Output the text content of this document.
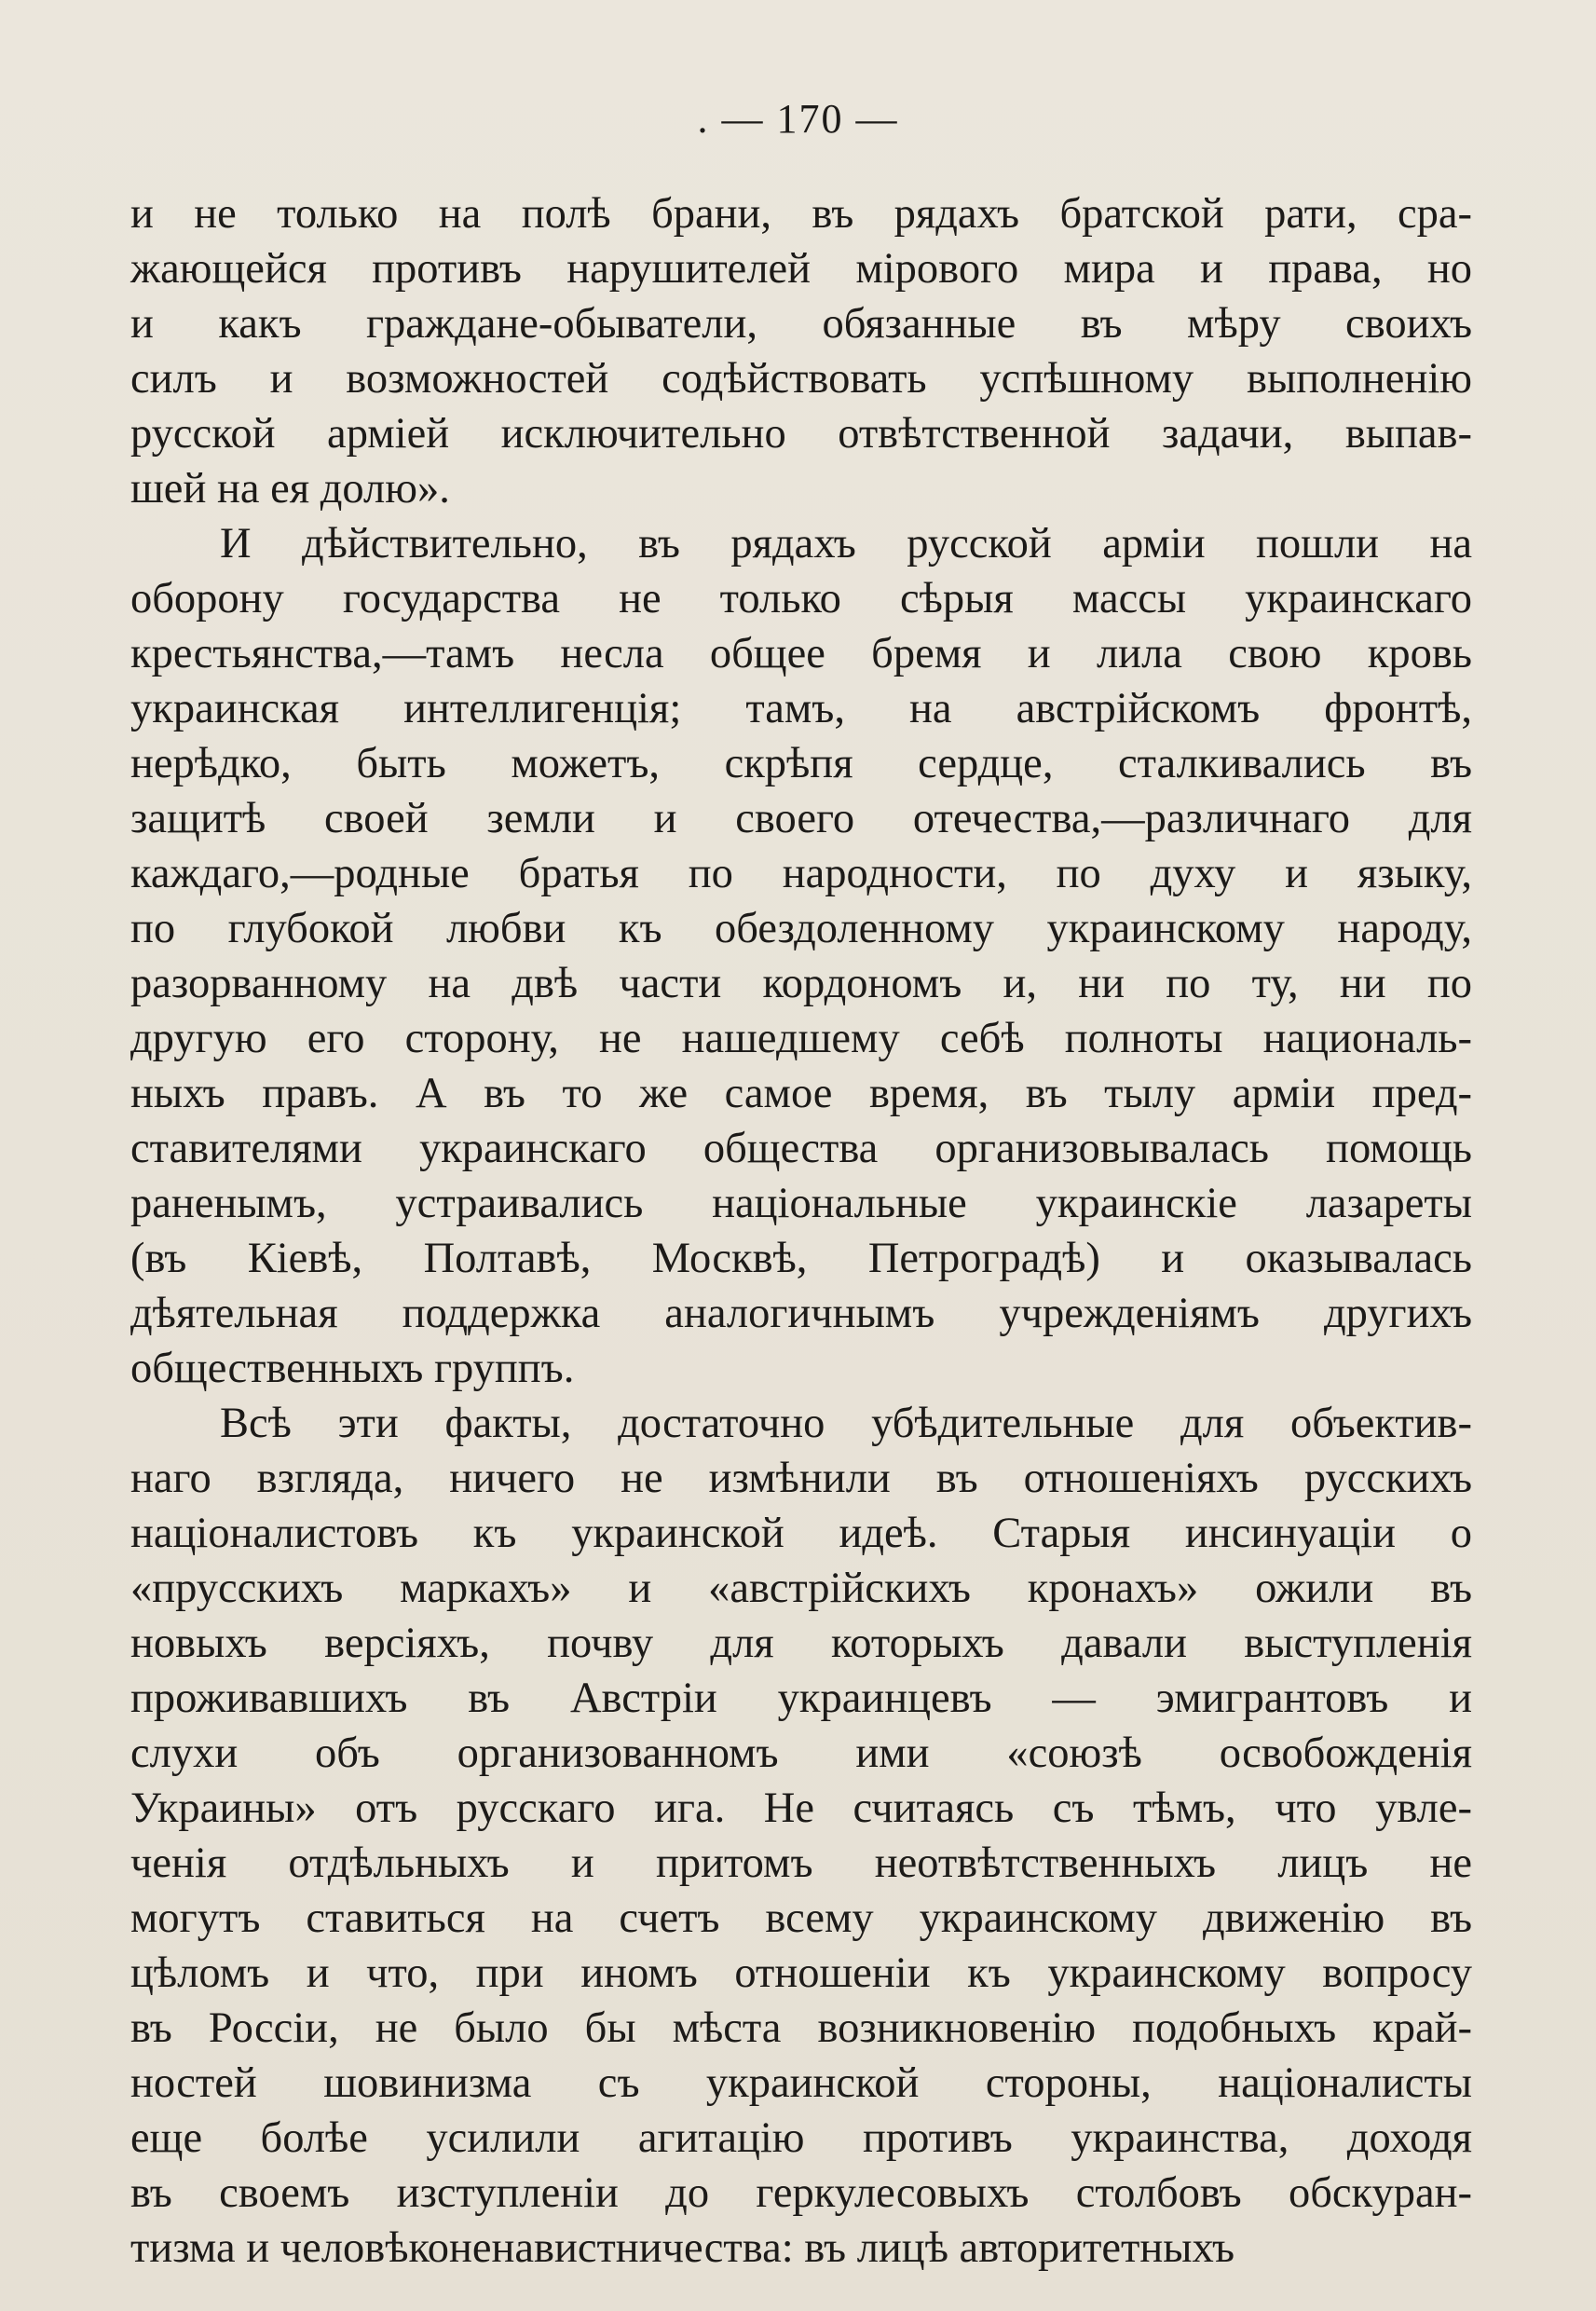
. — 170 —
и не только на полѣ брани, въ рядахъ братской рати, сра-
жающейся противъ нарушителей мiрового мира и права, но
и какъ граждане-обыватели, обязанные въ мѣру своихъ
силъ и возможностей содѣйствовать успѣшному выполненiю
русской армiей исключительно отвѣтственной задачи, выпав-
шей на ея долю».
И дѣйствительно, въ рядахъ русской армiи пошли на
оборону государства не только сѣрыя массы украинскаго
крестьянства,—тамъ несла общее бремя и лила свою кровь
украинская интеллигенцiя; тамъ, на австрiйскомъ фронтѣ,
нерѣдко, быть можетъ, скрѣпя сердце, сталкивались въ
защитѣ своей земли и своего отечества,—различнаго для
каждаго,—родные братья по народности, по духу и языку,
по глубокой любви къ обездоленному украинскому народу,
разорванному на двѣ части кордономъ и, ни по ту, ни по
другую его сторону, не нашедшему себѣ полноты националь-
ныхъ правъ. А въ то же самое время, въ тылу армiи пред-
ставителями украинскаго общества организовывалась помощь
раненымъ, устраивались нацiональные украинскiе лазареты
(въ Кiевѣ, Полтавѣ, Москвѣ, Петроградѣ) и оказывалась
дѣятельная поддержка аналогичнымъ учрежденiямъ другихъ
общественныхъ группъ.
Всѣ эти факты, достаточно убѣдительные для объектив-
наго взгляда, ничего не измѣнили въ отношенiяхъ русскихъ
нацiоналистовъ къ украинской идеѣ. Старыя инсинуацiи о
«прусскихъ маркахъ» и «австрiйскихъ кронахъ» ожили въ
новыхъ версiяхъ, почву для которыхъ давали выступленiя
проживавшихъ въ Австрiи украинцевъ — эмигрантовъ и
слухи объ организованномъ ими «союзѣ освобожденiя
Украины» отъ русскаго ига. Не считаясь съ тѣмъ, что увле-
ченiя отдѣльныхъ и притомъ неотвѣтственныхъ лицъ не
могутъ ставиться на счетъ всему украинскому движенiю въ
цѣломъ и что, при иномъ отношенiи къ украинскому вопросу
въ Россiи, не было бы мѣста возникновенiю подобныхъ край-
ностей шовинизма съ украинской стороны, нацiоналисты
еще болѣе усилили агитацiю противъ украинства, доходя
въ своемъ изступленiи до геркулесовыхъ столбовъ обскуран-
тизма и человѣконенавистничества: въ лицѣ авторитетныхъ
